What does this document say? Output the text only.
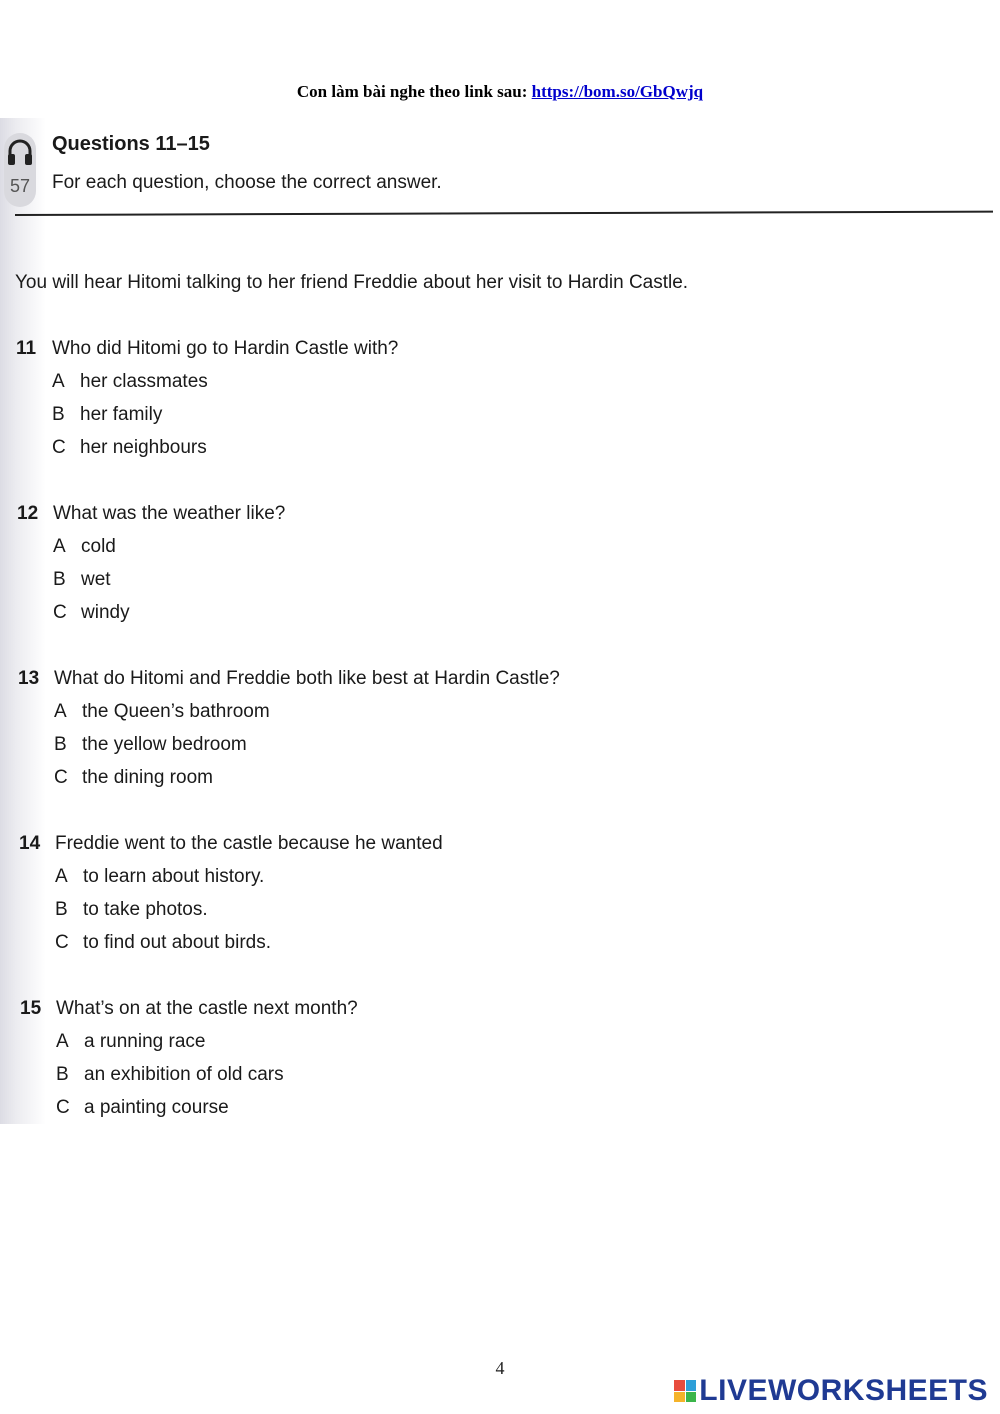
Con làm bài nghe theo link sau: https://bom.so/GbQwjq
57
Questions 11–15
For each question, choose the correct answer.
You will hear Hitomi talking to her friend Freddie about her visit to Hardin Castle.
11 Who did Hitomi go to Hardin Castle with?
A her classmates
B her family
C her neighbours
12 What was the weather like?
A cold
B wet
C windy
13 What do Hitomi and Freddie both like best at Hardin Castle?
A the Queen’s bathroom
B the yellow bedroom
C the dining room
14 Freddie went to the castle because he wanted
A to learn about history.
B to take photos.
C to find out about birds.
15 What’s on at the castle next month?
A a running race
B an exhibition of old cars
C a painting course
4
LIVEWORKSHEETS
